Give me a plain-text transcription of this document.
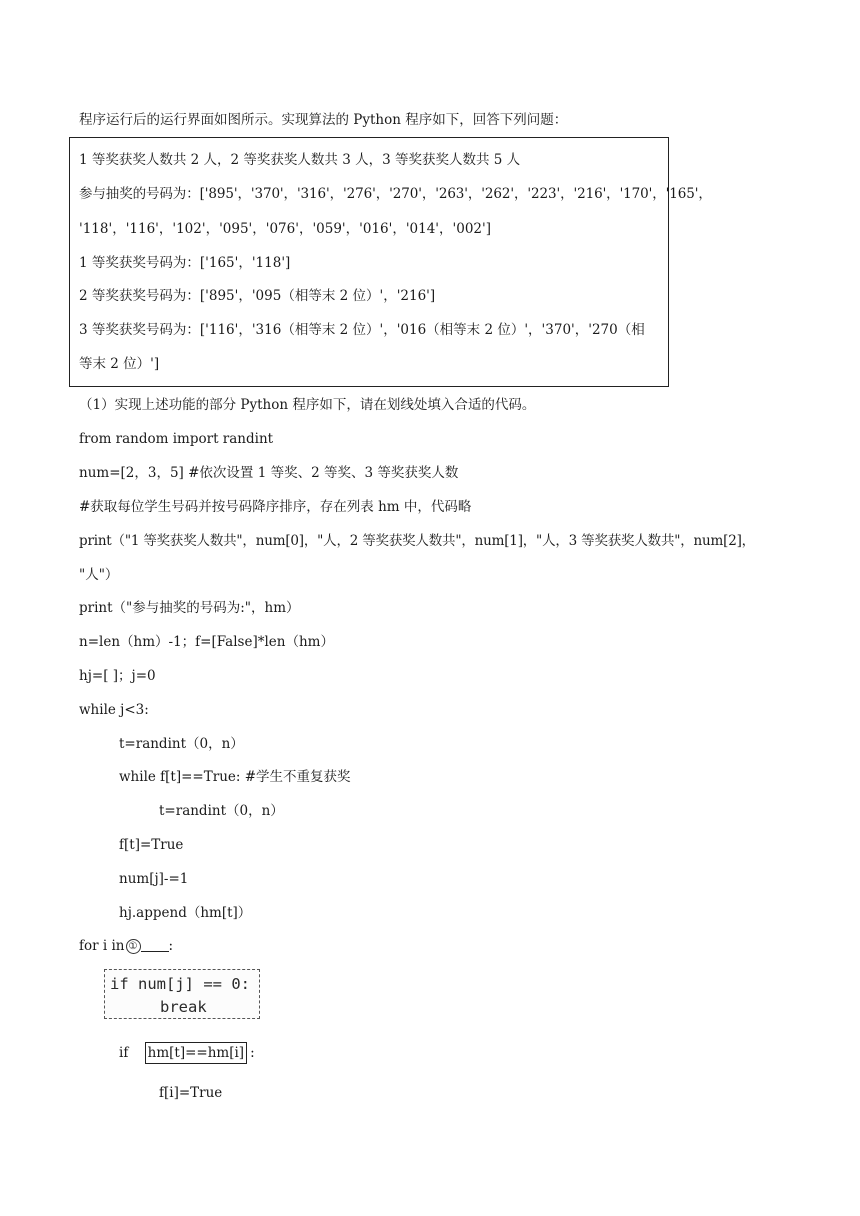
程序运行后的运行界面如图所示。实现算法的 Python 程序如下，回答下列问题：
1 等奖获奖人数共 2 人，2 等奖获奖人数共 3 人，3 等奖获奖人数共 5 人
参与抽奖的号码为：['895'，'370'，'316'，'276'，'270'，'263'，'262'，'223'，'216'，'170'，'165'，
'118'，'116'，'102'，'095'，'076'，'059'，'016'，'014'，'002']
1 等奖获奖号码为：['165'，'118']
2 等奖获奖号码为：['895'，'095（相等末 2 位）'，'216']
3 等奖获奖号码为：['116'，'316（相等末 2 位）'，'016（相等末 2 位）'，'370'，'270（相
等末 2 位）']
（1）实现上述功能的部分 Python 程序如下，请在划线处填入合适的代码。
from random import randint
num=[2，3，5] #依次设置 1 等奖、2 等奖、3 等奖获奖人数
#获取每位学生号码并按号码降序排序，存在列表 hm 中，代码略
print（"1 等奖获奖人数共"，num[0]，"人，2 等奖获奖人数共"，num[1]，"人，3 等奖获奖人数共"，num[2]，
"人"）
print（"参与抽奖的号码为:"，hm）
n=len（hm）-1；f=[False]*len（hm）
hj=[ ]；j=0
while j<3:
t=randint（0，n）
while f[t]==True: #学生不重复获奖
t=randint（0，n）
f[t]=True
num[j]-=1
hj.append（hm[t]）
for i in ① :
if num[j] == 0:
break
if hm[t]==hm[i] :
f[i]=True
